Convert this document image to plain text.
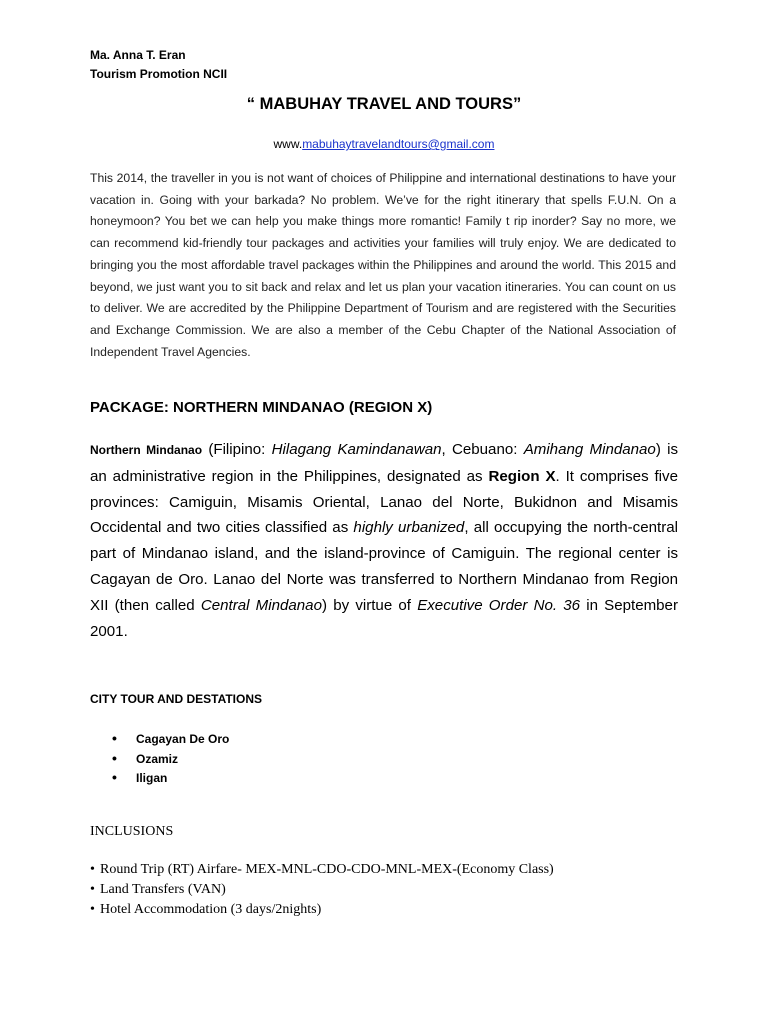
Ma. Anna T. Eran
Tourism Promotion NCII
“ MABUHAY TRAVEL AND TOURS”
www.mabuhaytravelandtours@gmail.com

This 2014, the traveller in you is not want of choices of Philippine and international destinations to have your vacation in. Going with your barkada? No problem. We’ve for the right itinerary that spells F.U.N. On a honeymoon? You bet we can help you make things more romantic! Family t rip inorder? Say no more, we can recommend kid-friendly tour packages and activities your families will truly enjoy. We are dedicated to bringing you the most affordable travel packages within the Philippines and around the world. This 2015 and beyond, we just want you to sit back and relax and let us plan your vacation itineraries. You can count on us to deliver. We are accredited by the Philippine Department of Tourism and are registered with the Securities and Exchange Commission. We are also a member of the Cebu Chapter of the National Association of Independent Travel Agencies.

PACKAGE: NORTHERN MINDANAO (REGION X)

Northern Mindanao (Filipino: Hilagang Kamindanawan, Cebuano: Amihang Mindanao) is an administrative region in the Philippines, designated as Region X. It comprises five provinces: Camiguin, Misamis Oriental, Lanao del Norte, Bukidnon and Misamis Occidental and two cities classified as highly urbanized, all occupying the north-central part of Mindanao island, and the island-province of Camiguin. The regional center is Cagayan de Oro. Lanao del Norte was transferred to Northern Mindanao from Region XII (then called Central Mindanao) by virtue of Executive Order No. 36 in September 2001.

CITY TOUR AND DESTATIONS
• Cagayan De Oro
• Ozamiz
• Iligan
INCLUSIONS
• Round Trip (RT) Airfare- MEX-MNL-CDO-CDO-MNL-MEX-(Economy Class)
• Land Transfers (VAN)
• Hotel Accommodation (3 days/2nights)
